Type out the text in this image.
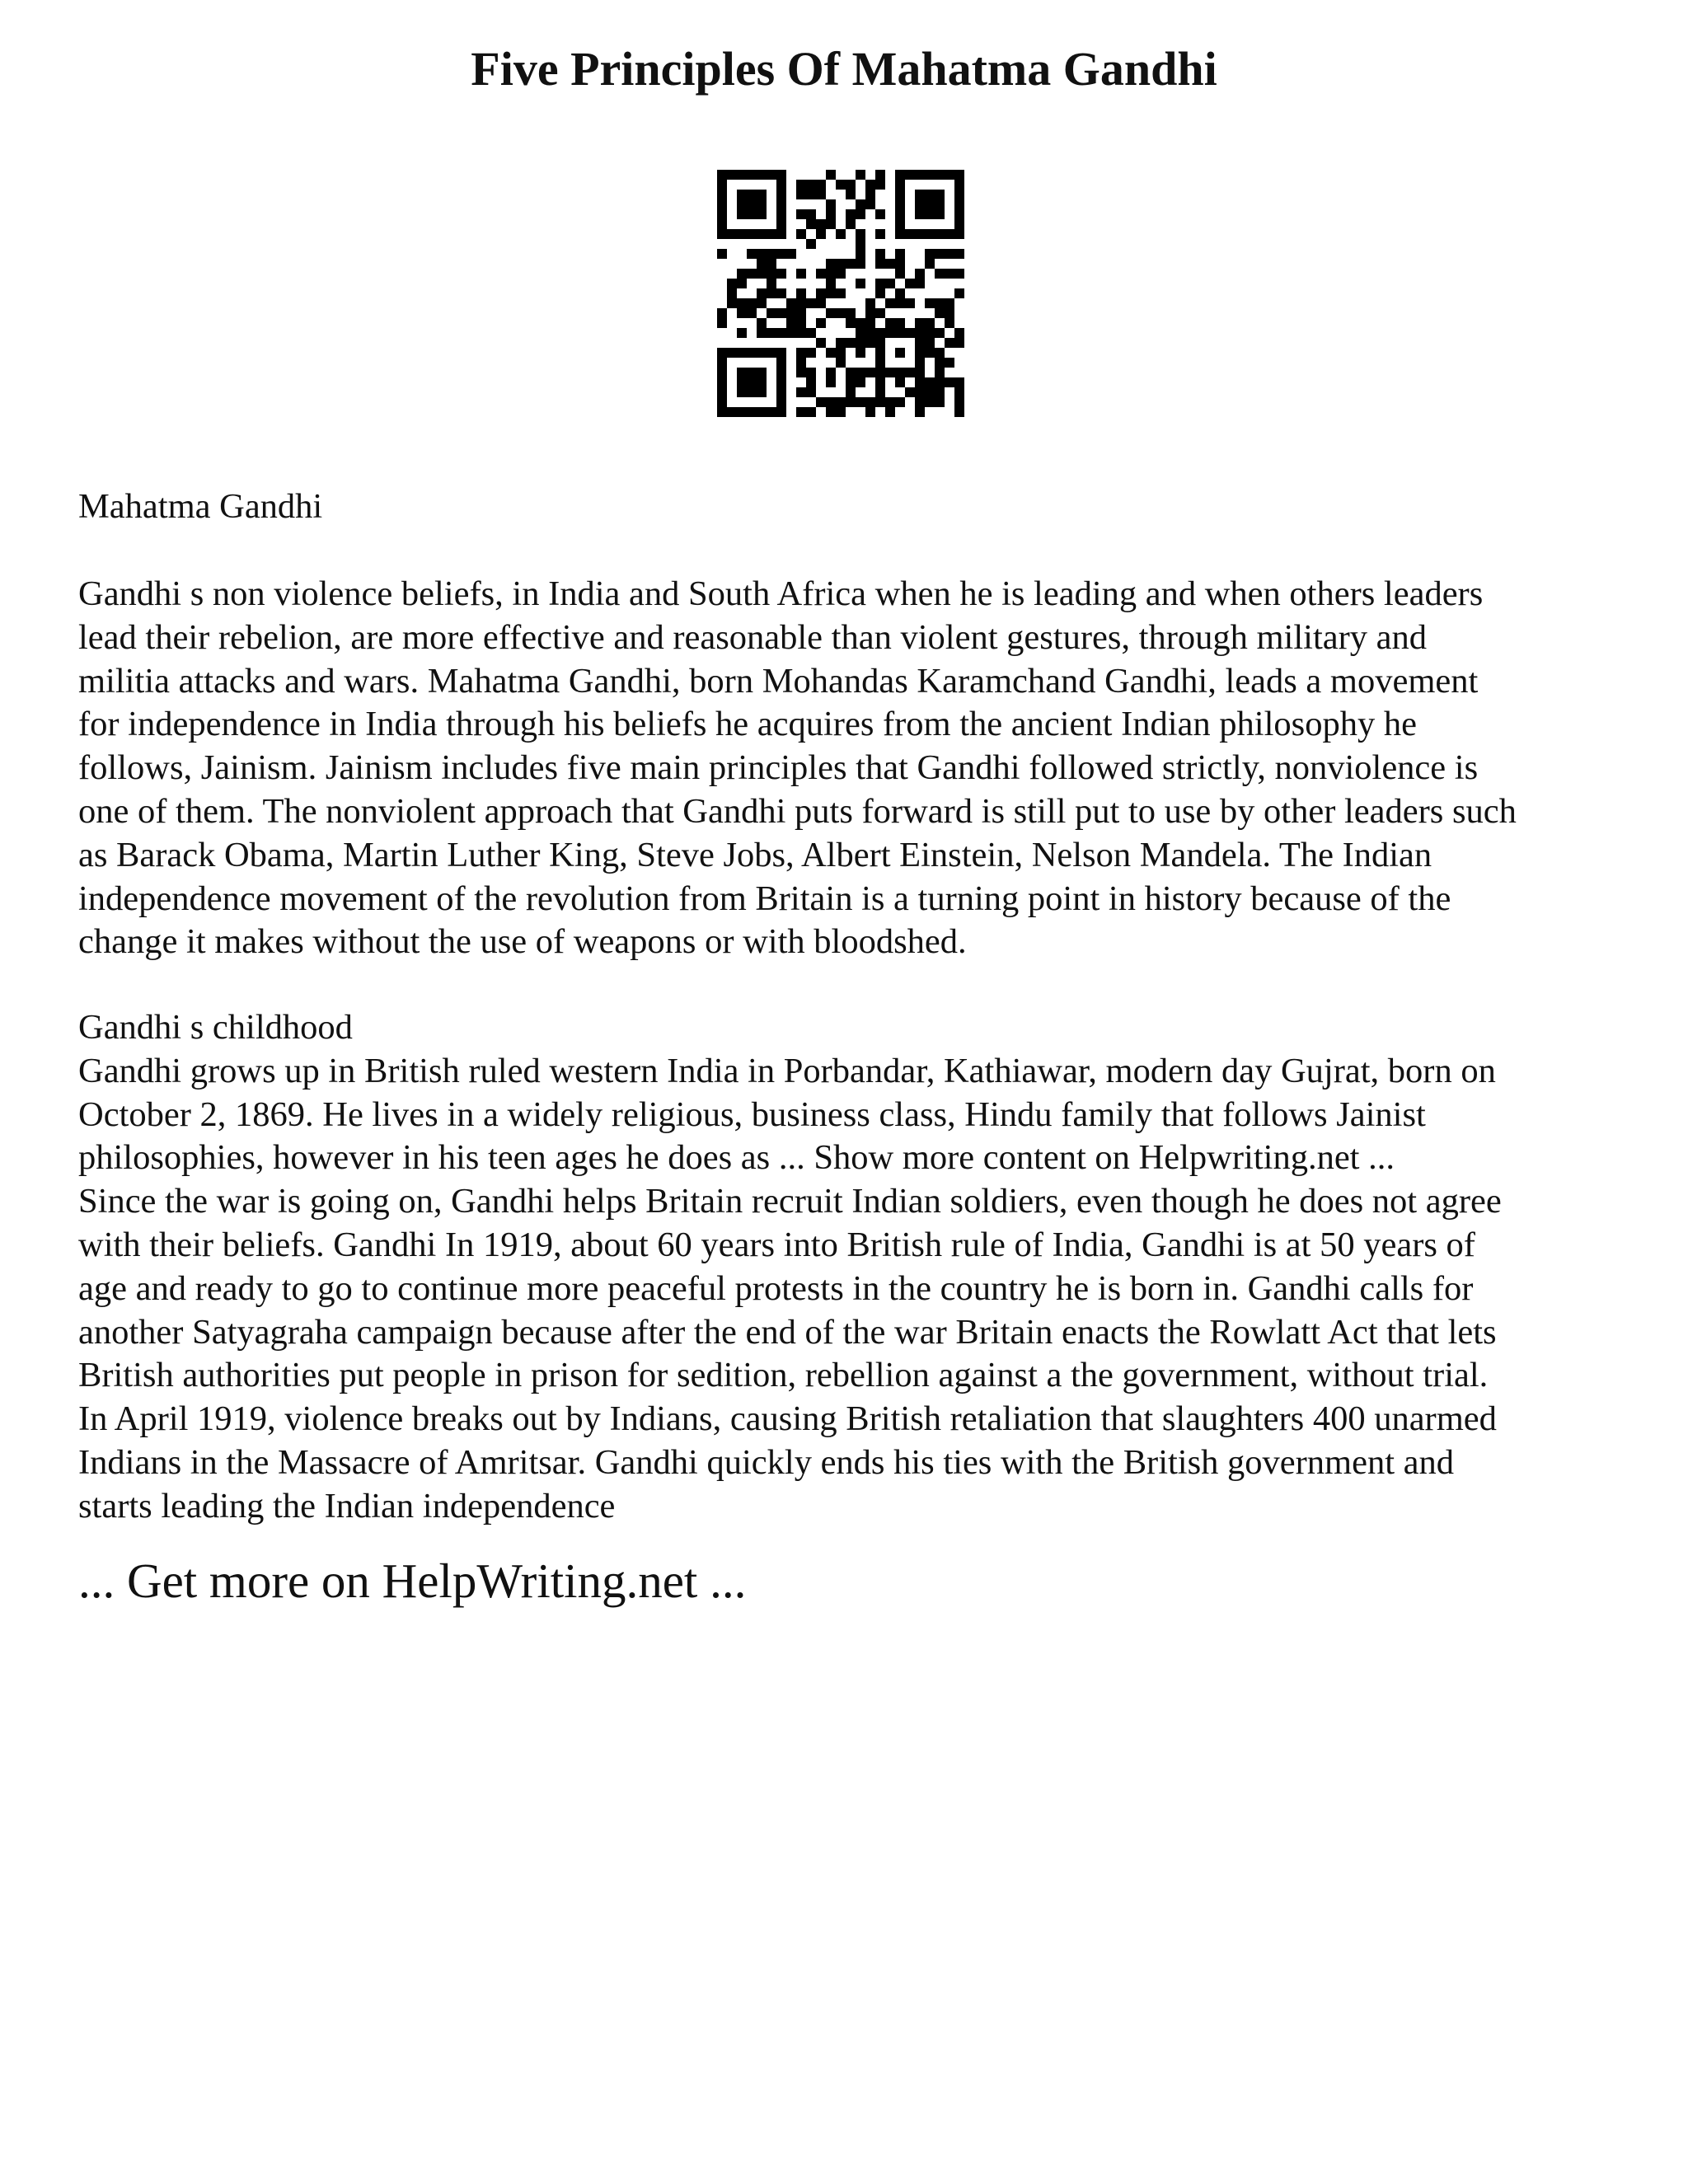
Five Principles Of Mahatma Gandhi

Mahatma Gandhi

Gandhi s non violence beliefs, in India and South Africa when he is leading and when others leaders
lead their rebelion, are more effective and reasonable than violent gestures, through military and
militia attacks and wars. Mahatma Gandhi, born Mohandas Karamchand Gandhi, leads a movement
for independence in India through his beliefs he acquires from the ancient Indian philosophy he
follows, Jainism. Jainism includes five main principles that Gandhi followed strictly, nonviolence is
one of them. The nonviolent approach that Gandhi puts forward is still put to use by other leaders such
as Barack Obama, Martin Luther King, Steve Jobs, Albert Einstein, Nelson Mandela. The Indian
independence movement of the revolution from Britain is a turning point in history because of the
change it makes without the use of weapons or with bloodshed.

Gandhi s childhood
Gandhi grows up in British ruled western India in Porbandar, Kathiawar, modern day Gujrat, born on
October 2, 1869. He lives in a widely religious, business class, Hindu family that follows Jainist
philosophies, however in his teen ages he does as ... Show more content on Helpwriting.net ...
Since the war is going on, Gandhi helps Britain recruit Indian soldiers, even though he does not agree
with their beliefs. Gandhi In 1919, about 60 years into British rule of India, Gandhi is at 50 years of
age and ready to go to continue more peaceful protests in the country he is born in. Gandhi calls for
another Satyagraha campaign because after the end of the war Britain enacts the Rowlatt Act that lets
British authorities put people in prison for sedition, rebellion against a the government, without trial.
In April 1919, violence breaks out by Indians, causing British retaliation that slaughters 400 unarmed
Indians in the Massacre of Amritsar. Gandhi quickly ends his ties with the British government and
starts leading the Indian independence

... Get more on HelpWriting.net ...
